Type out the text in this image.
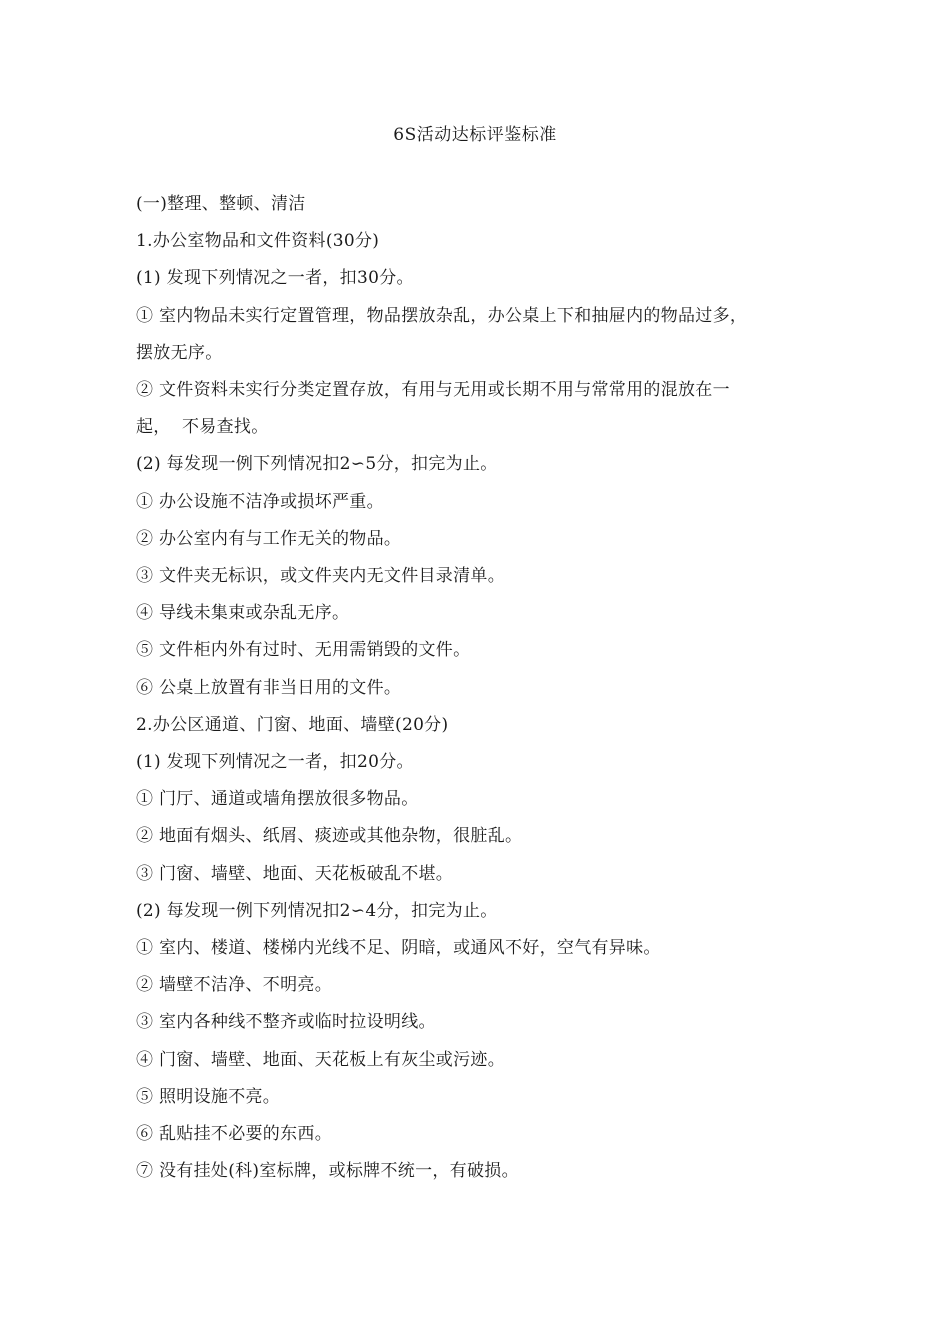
6S活动达标评鉴标准
(一)整理、整顿、清洁
1.办公室物品和文件资料(30分)
(1) 发现下列情况之一者，扣30分。
① 室内物品未实行定置管理，物品摆放杂乱，办公桌上下和抽屉内的物品过多，
摆放无序。
② 文件资料未实行分类定置存放，有用与无用或长期不用与常常用的混放在一
起，  不易查找。
(2) 每发现一例下列情况扣2∽5分，扣完为止。
① 办公设施不洁净或损坏严重。
② 办公室内有与工作无关的物品。
③ 文件夹无标识，或文件夹内无文件目录清单。
④ 导线未集束或杂乱无序。
⑤ 文件柜内外有过时、无用需销毁的文件。
⑥ 公桌上放置有非当日用的文件。
2.办公区通道、门窗、地面、墙壁(20分)
(1) 发现下列情况之一者，扣20分。
① 门厅、通道或墙角摆放很多物品。
② 地面有烟头、纸屑、痰迹或其他杂物，很脏乱。
③ 门窗、墙壁、地面、天花板破乱不堪。
(2) 每发现一例下列情况扣2∽4分，扣完为止。
① 室内、楼道、楼梯内光线不足、阴暗，或通风不好，空气有异味。
② 墙壁不洁净、不明亮。
③ 室内各种线不整齐或临时拉设明线。
④ 门窗、墙壁、地面、天花板上有灰尘或污迹。
⑤ 照明设施不亮。
⑥ 乱贴挂不必要的东西。
⑦ 没有挂处(科)室标牌，或标牌不统一，有破损。
